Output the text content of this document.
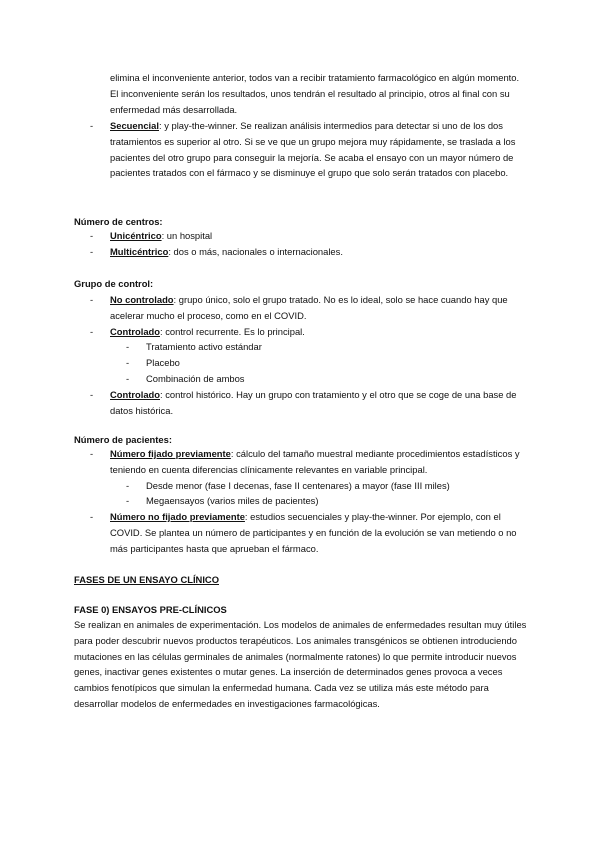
elimina el inconveniente anterior, todos van a recibir tratamiento farmacológico en algún momento. El inconveniente serán los resultados, unos tendrán el resultado al principio, otros al final con su enfermedad más desarrollada.

- Secuencial: y play-the-winner. Se realizan análisis intermedios para detectar si uno de los dos tratamientos es superior al otro. Si se ve que un grupo mejora muy rápidamente, se traslada a los pacientes del otro grupo para conseguir la mejoría. Se acaba el ensayo con un mayor número de pacientes tratados con el fármaco y se disminuye el grupo que solo serán tratados con placebo.

Número de centros:

- Unicéntrico: un hospital
- Multicéntrico: dos o más, nacionales o internacionales.

Grupo de control:

- No controlado: grupo único, solo el grupo tratado. No es lo ideal, solo se hace cuando hay que acelerar mucho el proceso, como en el COVID.
- Controlado: control recurrente. Es lo principal.
- Tratamiento activo estándar
- Placebo
- Combinación de ambos
- Controlado: control histórico. Hay un grupo con tratamiento y el otro que se coge de una base de datos histórica.

Número de pacientes:

- Número fijado previamente: cálculo del tamaño muestral mediante procedimientos estadísticos y teniendo en cuenta diferencias clínicamente relevantes en variable principal.
- Desde menor (fase I decenas, fase II centenares) a mayor (fase III miles)
- Megaensayos (varios miles de pacientes)
- Número no fijado previamente: estudios secuenciales y play-the-winner. Por ejemplo, con el COVID. Se plantea un número de participantes y en función de la evolución se van metiendo o no más participantes hasta que aprueban el fármaco.

FASES DE UN ENSAYO CLÍNICO

FASE 0) ENSAYOS PRE-CLÍNICOS

Se realizan en animales de experimentación. Los modelos de animales de enfermedades resultan muy útiles para poder descubrir nuevos productos terapéuticos. Los animales transgénicos se obtienen introduciendo mutaciones en las células germinales de animales (normalmente ratones) lo que permite introducir nuevos genes, inactivar genes existentes o mutar genes. La inserción de determinados genes provoca a veces cambios fenotípicos que simulan la enfermedad humana. Cada vez se utiliza más este método para desarrollar modelos de enfermedades en investigaciones farmacológicas.
